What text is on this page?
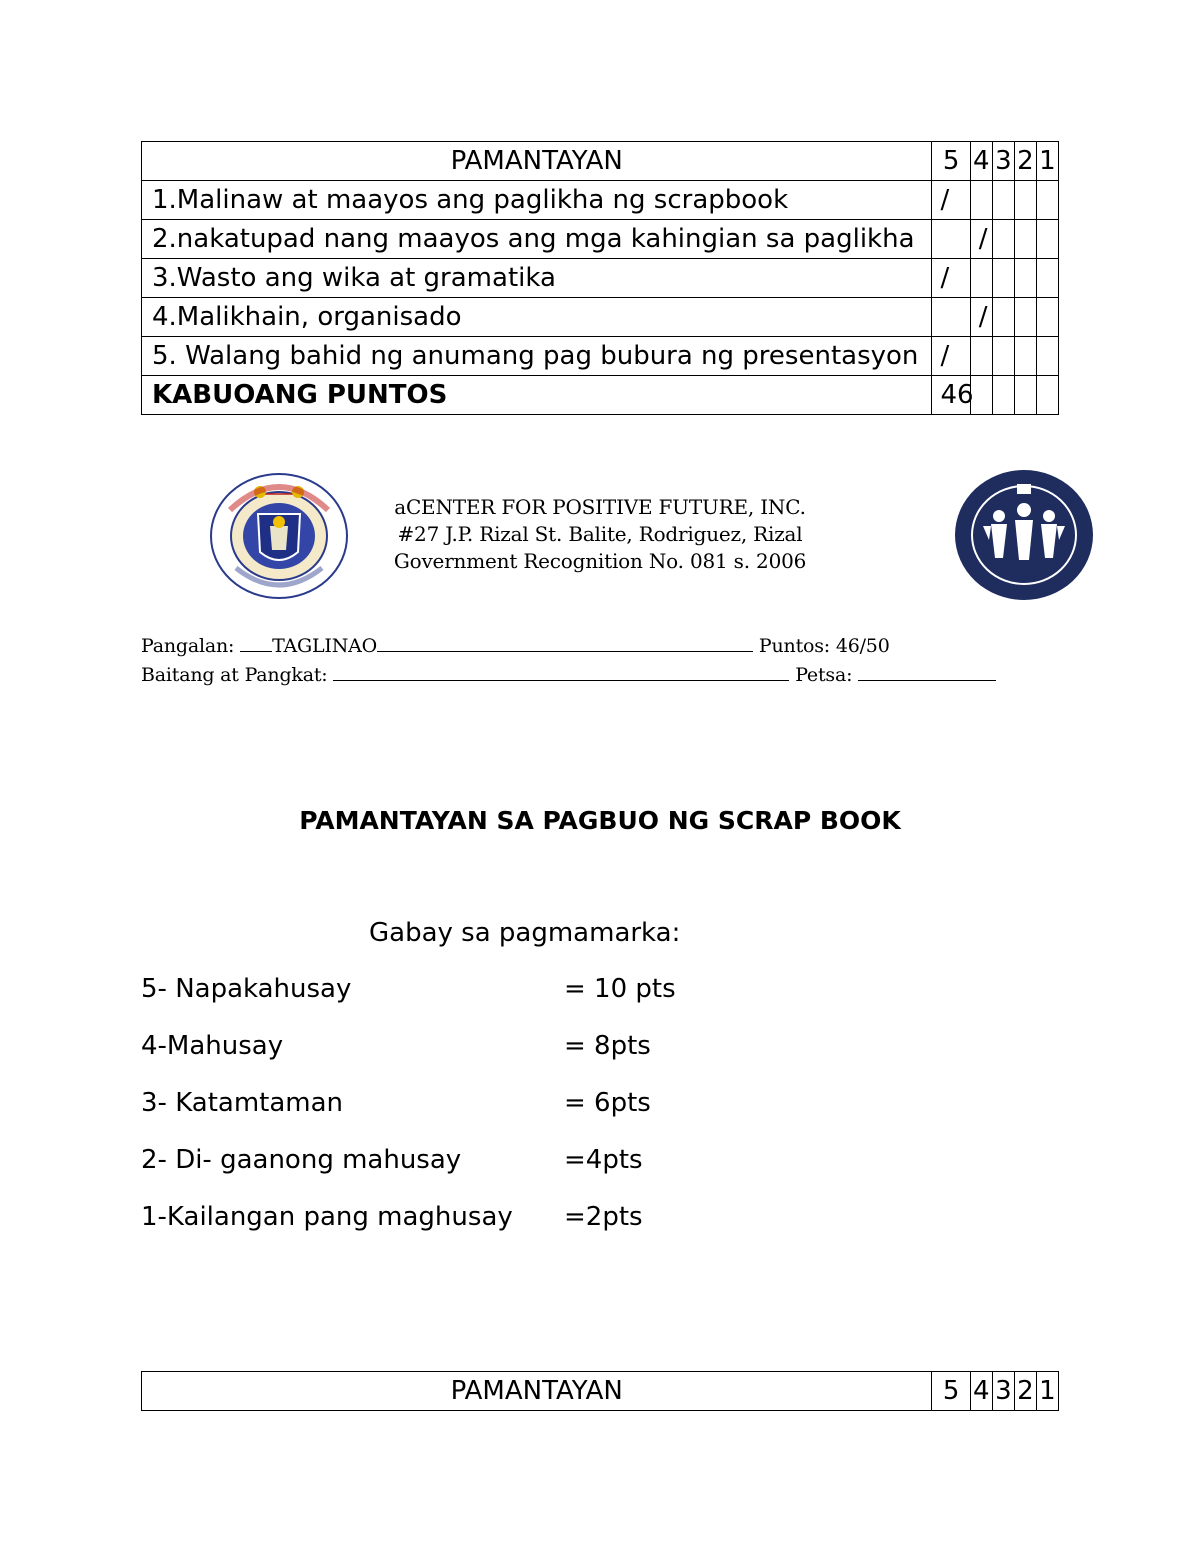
PAMANTAYAN	5	4	3	2	1
1.Malinaw at maayos ang paglikha ng scrapbook	/				
2.nakatupad nang maayos ang mga kahingian sa paglikha		/			
3.Wasto ang wika at gramatika	/				
4.Malikhain, organisado		/			
5. Walang bahid ng anumang pag bubura ng presentasyon	/				
KABUOANG PUNTOS	46				
aCENTER FOR POSITIVE FUTURE, INC.
#27 J.P. Rizal St. Balite, Rodriguez, Rizal
Government Recognition No. 081 s. 2006
Pangalan: TAGLINAO	Puntos: 46/50
Baitang at Pangkat:	Petsa:
PAMANTAYAN SA PAGBUO NG SCRAP BOOK
Gabay sa pagmamarka:
5- Napakahusay	= 10 pts
4-Mahusay	= 8pts
3- Katamtaman	= 6pts
2- Di- gaanong mahusay	=4pts
1-Kailangan pang maghusay =2pts
PAMANTAYAN	5	4	3	2	1
